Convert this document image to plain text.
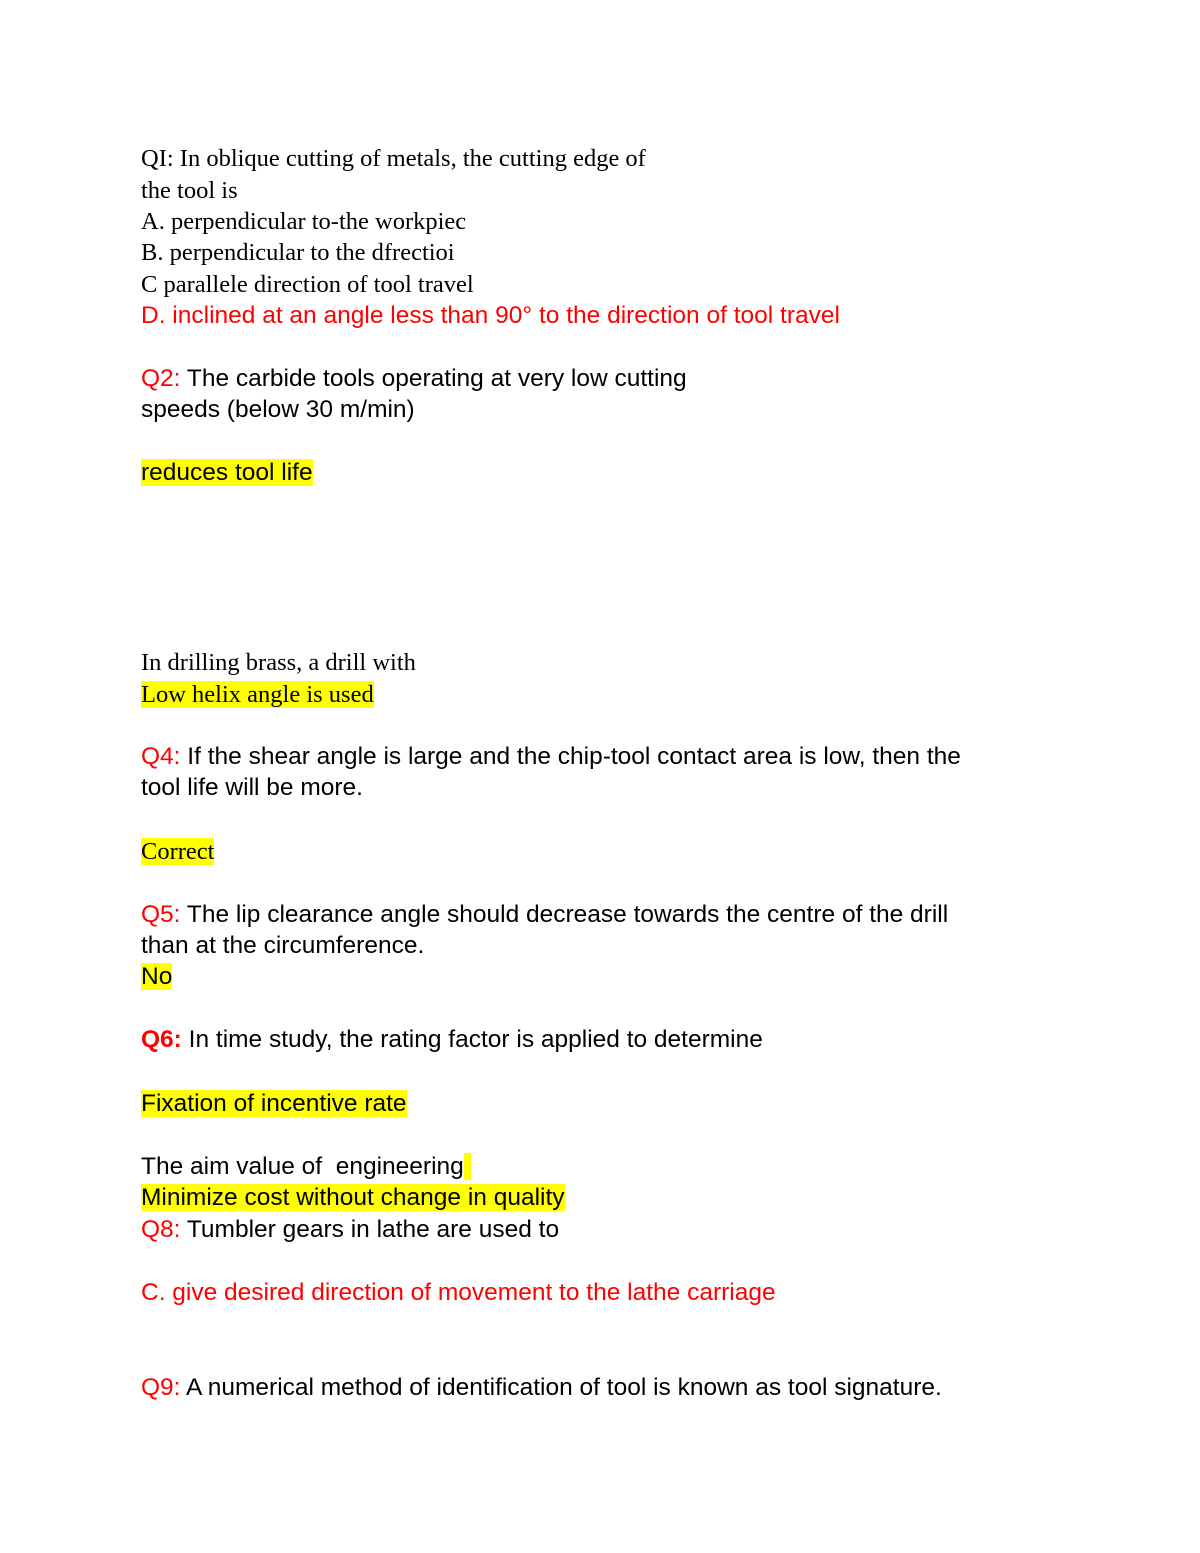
QI: In oblique cutting of metals, the cutting edge of
the tool is
A. perpendicular to-the workpiec
B. perpendicular to the dfrectioi
C parallele direction of tool travel
D. inclined at an angle less than 90° to the direction of tool travel
Q2: The carbide tools operating at very low cutting
speeds (below 30 m/min)
reduces tool life
In drilling brass, a drill with
Low helix angle is used
Q4: If the shear angle is large and the chip-tool contact area is low, then the
tool life will be more.
Correct
Q5: The lip clearance angle should decrease towards the centre of the drill
than at the circumference.
No
Q6: In time study, the rating factor is applied to determine
Fixation of incentive rate
The aim value of  engineering
Minimize cost without change in quality
Q8: Tumbler gears in lathe are used to
C. give desired direction of movement to the lathe carriage
Q9: A numerical method of identification of tool is known as tool signature.
